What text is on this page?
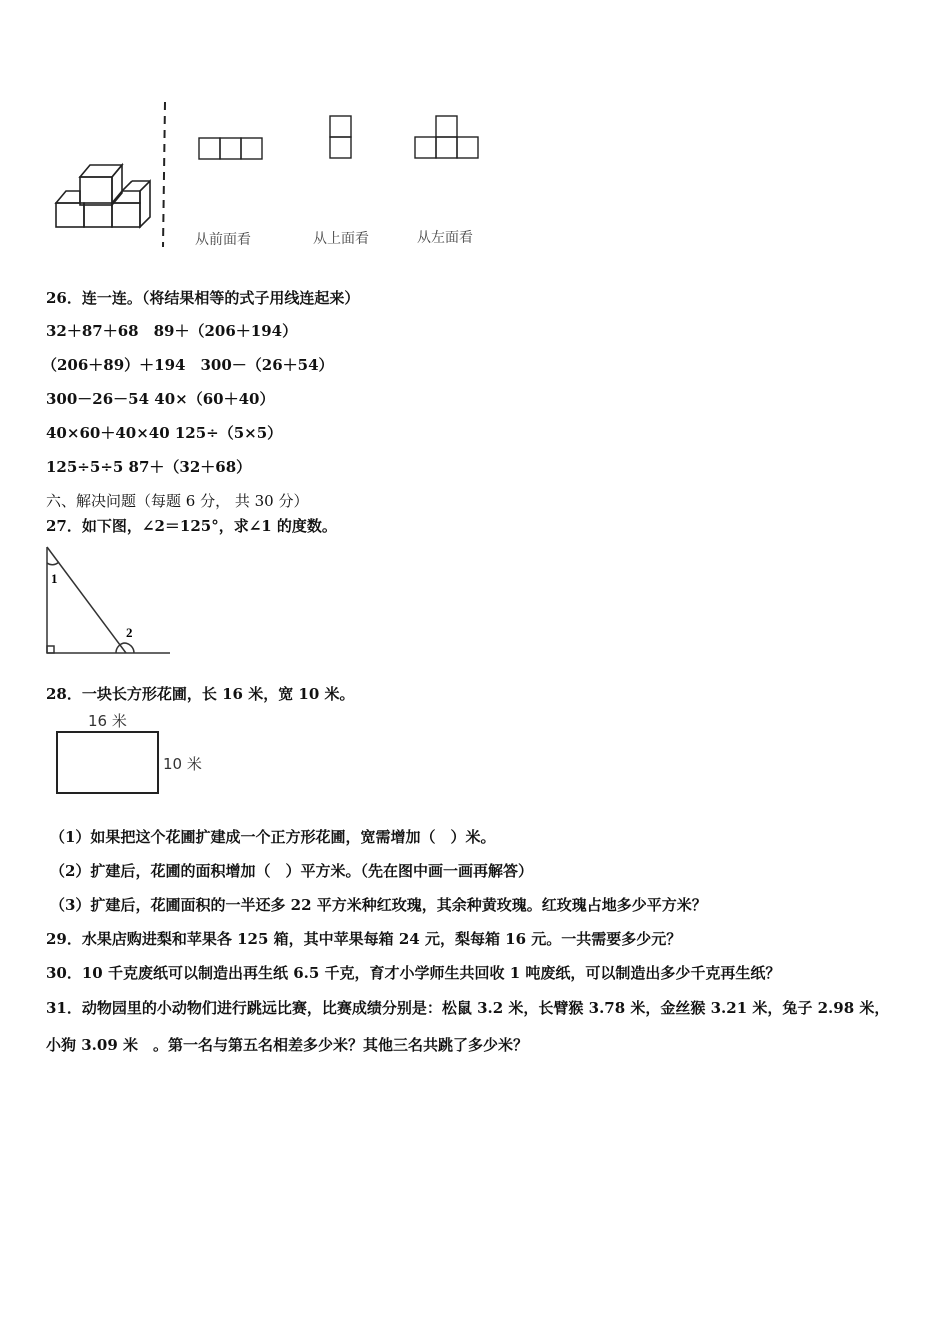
从前面看	从上面看	从左面看
26．连一连。（将结果相等的式子用线连起来）
32＋87＋68　89＋（206＋194）
（206＋89）＋194　300－（26＋54）
300－26－54 40×（60＋40）
40×60＋40×40 125÷（5×5）
125÷5÷5 87＋（32＋68）
六、解决问题（每题 6 分， 共 30 分）
27．如下图，∠2＝125°，求∠1 的度数。
1
2
28．一块长方形花圃，长 16 米，宽 10 米。
16 米
10 米
（1）如果把这个花圃扩建成一个正方形花圃，宽需增加（　）米。
（2）扩建后，花圃的面积增加（　）平方米。（先在图中画一画再解答）
（3）扩建后，花圃面积的一半还多 22 平方米种红玫瑰，其余种黄玫瑰。红玫瑰占地多少平方米？
29．水果店购进梨和苹果各 125 箱，其中苹果每箱 24 元，梨每箱 16 元。一共需要多少元？
30．10 千克废纸可以制造出再生纸 6.5 千克，育才小学师生共回收 1 吨废纸，可以制造出多少千克再生纸？
31．动物园里的小动物们进行跳远比赛，比赛成绩分别是：松鼠 3.2 米，长臂猴 3.78 米，金丝猴 3.21 米，兔子 2.98 米，
小狗 3.09 米　。第一名与第五名相差多少米？其他三名共跳了多少米？
